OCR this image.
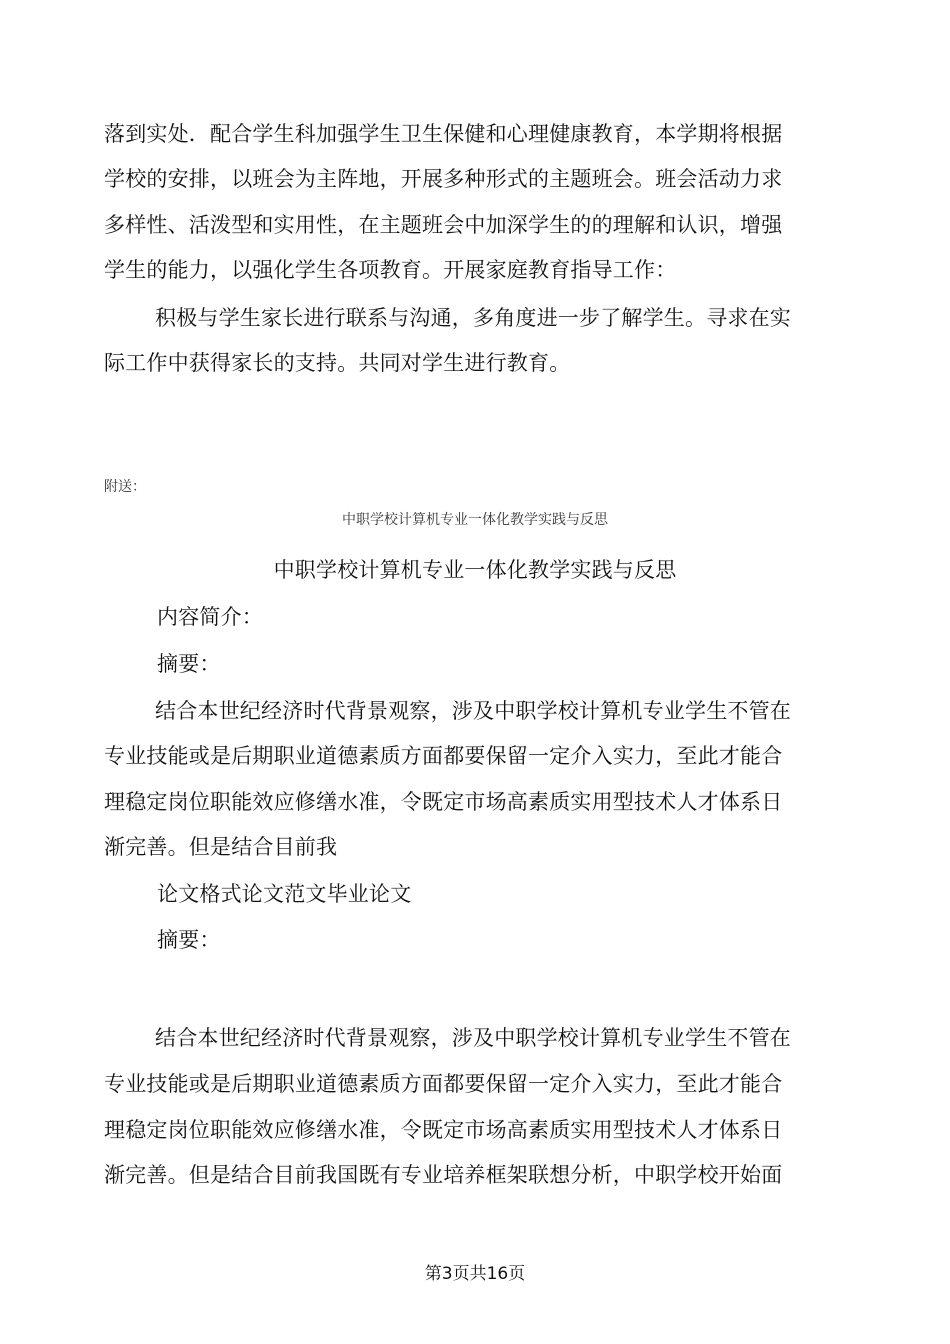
落到实处．配合学生科加强学生卫生保健和心理健康教育，本学期将根据
学校的安排，以班会为主阵地，开展多种形式的主题班会。班会活动力求
多样性、活泼型和实用性，在主题班会中加深学生的的理解和认识，增强
学生的能力，以强化学生各项教育。开展家庭教育指导工作：
积极与学生家长进行联系与沟通，多角度进一步了解学生。寻求在实
际工作中获得家长的支持。共同对学生进行教育。
附送：
中职学校计算机专业一体化教学实践与反思
中职学校计算机专业一体化教学实践与反思
内容简介：
摘要：
结合本世纪经济时代背景观察，涉及中职学校计算机专业学生不管在
专业技能或是后期职业道德素质方面都要保留一定介入实力，至此才能合
理稳定岗位职能效应修缮水准，令既定市场高素质实用型技术人才体系日
渐完善。但是结合目前我
论文格式论文范文毕业论文
摘要：
结合本世纪经济时代背景观察，涉及中职学校计算机专业学生不管在
专业技能或是后期职业道德素质方面都要保留一定介入实力，至此才能合
理稳定岗位职能效应修缮水准，令既定市场高素质实用型技术人才体系日
渐完善。但是结合目前我国既有专业培养框架联想分析，中职学校开始面
第3页共16页
